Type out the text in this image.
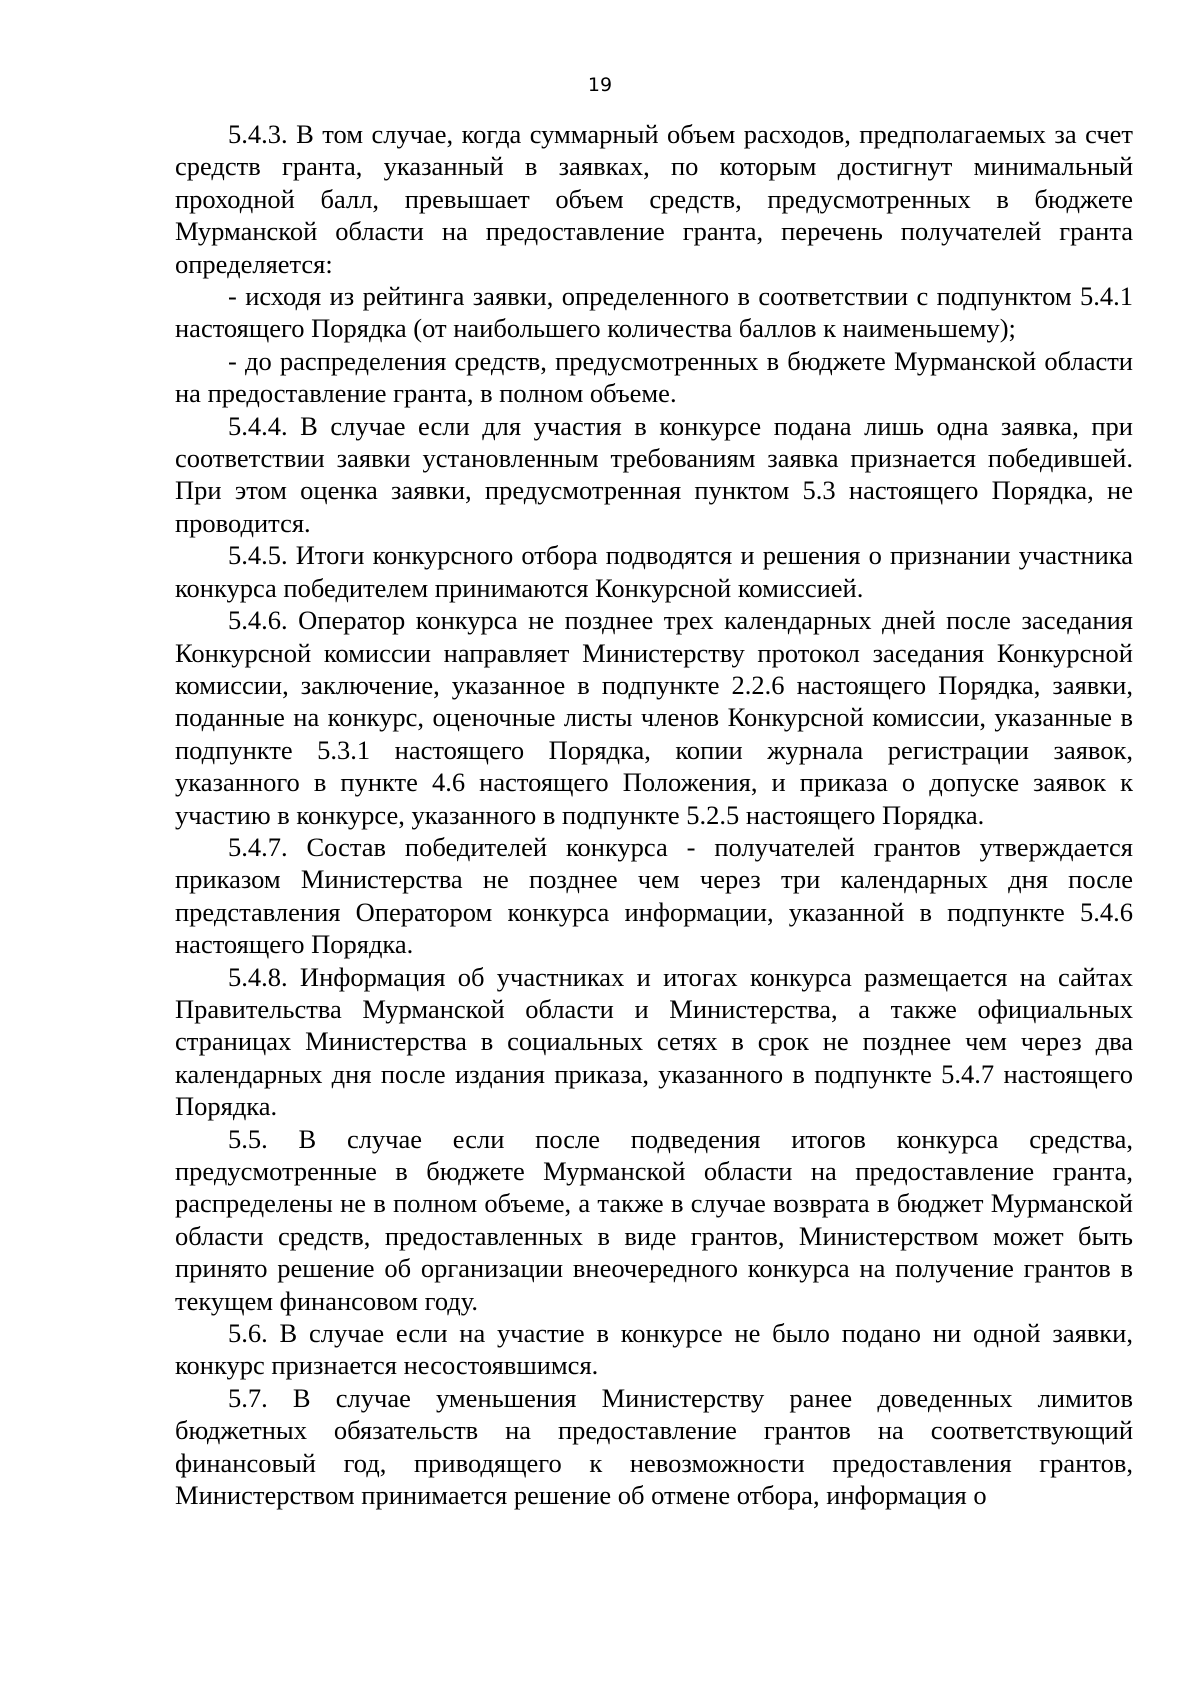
19

5.4.3. В том случае, когда суммарный объем расходов, предполагаемых за счет средств гранта, указанный в заявках, по которым достигнут минимальный проходной балл, превышает объем средств, предусмотренных в бюджете Мурманской области на предоставление гранта, перечень получателей гранта определяется:

- исходя из рейтинга заявки, определенного в соответствии с подпунктом 5.4.1 настоящего Порядка (от наибольшего количества баллов к наименьшему);

- до распределения средств, предусмотренных в бюджете Мурманской области на предоставление гранта, в полном объеме.

5.4.4. В случае если для участия в конкурсе подана лишь одна заявка, при соответствии заявки установленным требованиям заявка признается победившей. При этом оценка заявки, предусмотренная пунктом 5.3 настоящего Порядка, не проводится.

5.4.5. Итоги конкурсного отбора подводятся и решения о признании участника конкурса победителем принимаются Конкурсной комиссией.

5.4.6. Оператор конкурса не позднее трех календарных дней после заседания Конкурсной комиссии направляет Министерству протокол заседания Конкурсной комиссии, заключение, указанное в подпункте 2.2.6 настоящего Порядка, заявки, поданные на конкурс, оценочные листы членов Конкурсной комиссии, указанные в подпункте 5.3.1 настоящего Порядка, копии журнала регистрации заявок, указанного в пункте 4.6 настоящего Положения, и приказа о допуске заявок к участию в конкурсе, указанного в подпункте 5.2.5 настоящего Порядка.

5.4.7. Состав победителей конкурса - получателей грантов утверждается приказом Министерства не позднее чем через три календарных дня после представления Оператором конкурса информации, указанной в подпункте 5.4.6 настоящего Порядка.

5.4.8. Информация об участниках и итогах конкурса размещается на сайтах Правительства Мурманской области и Министерства, а также официальных страницах Министерства в социальных сетях в срок не позднее чем через два календарных дня после издания приказа, указанного в подпункте 5.4.7 настоящего Порядка.

5.5. В случае если после подведения итогов конкурса средства, предусмотренные в бюджете Мурманской области на предоставление гранта, распределены не в полном объеме, а также в случае возврата в бюджет Мурманской области средств, предоставленных в виде грантов, Министерством может быть принято решение об организации внеочередного конкурса на получение грантов в текущем финансовом году.

5.6. В случае если на участие в конкурсе не было подано ни одной заявки, конкурс признается несостоявшимся.

5.7. В случае уменьшения Министерству ранее доведенных лимитов бюджетных обязательств на предоставление грантов на соответствующий финансовый год, приводящего к невозможности предоставления грантов, Министерством принимается решение об отмене отбора, информация о
